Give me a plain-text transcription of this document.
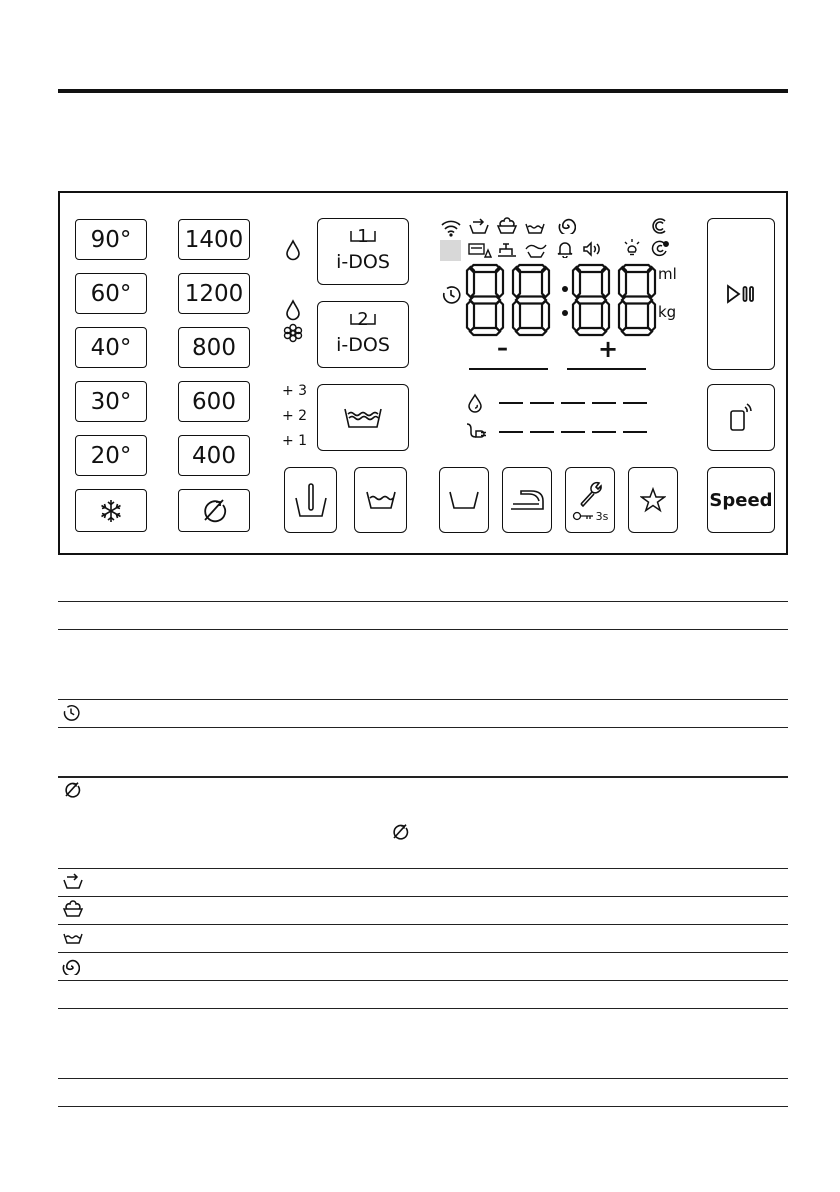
90°
60°
40°
30°
20°
1400
1200
800
600
400
1
i-DOS
2
i-DOS
+ 3
+ 2
+ 1
3s
Speed
ml
kg
–	+
